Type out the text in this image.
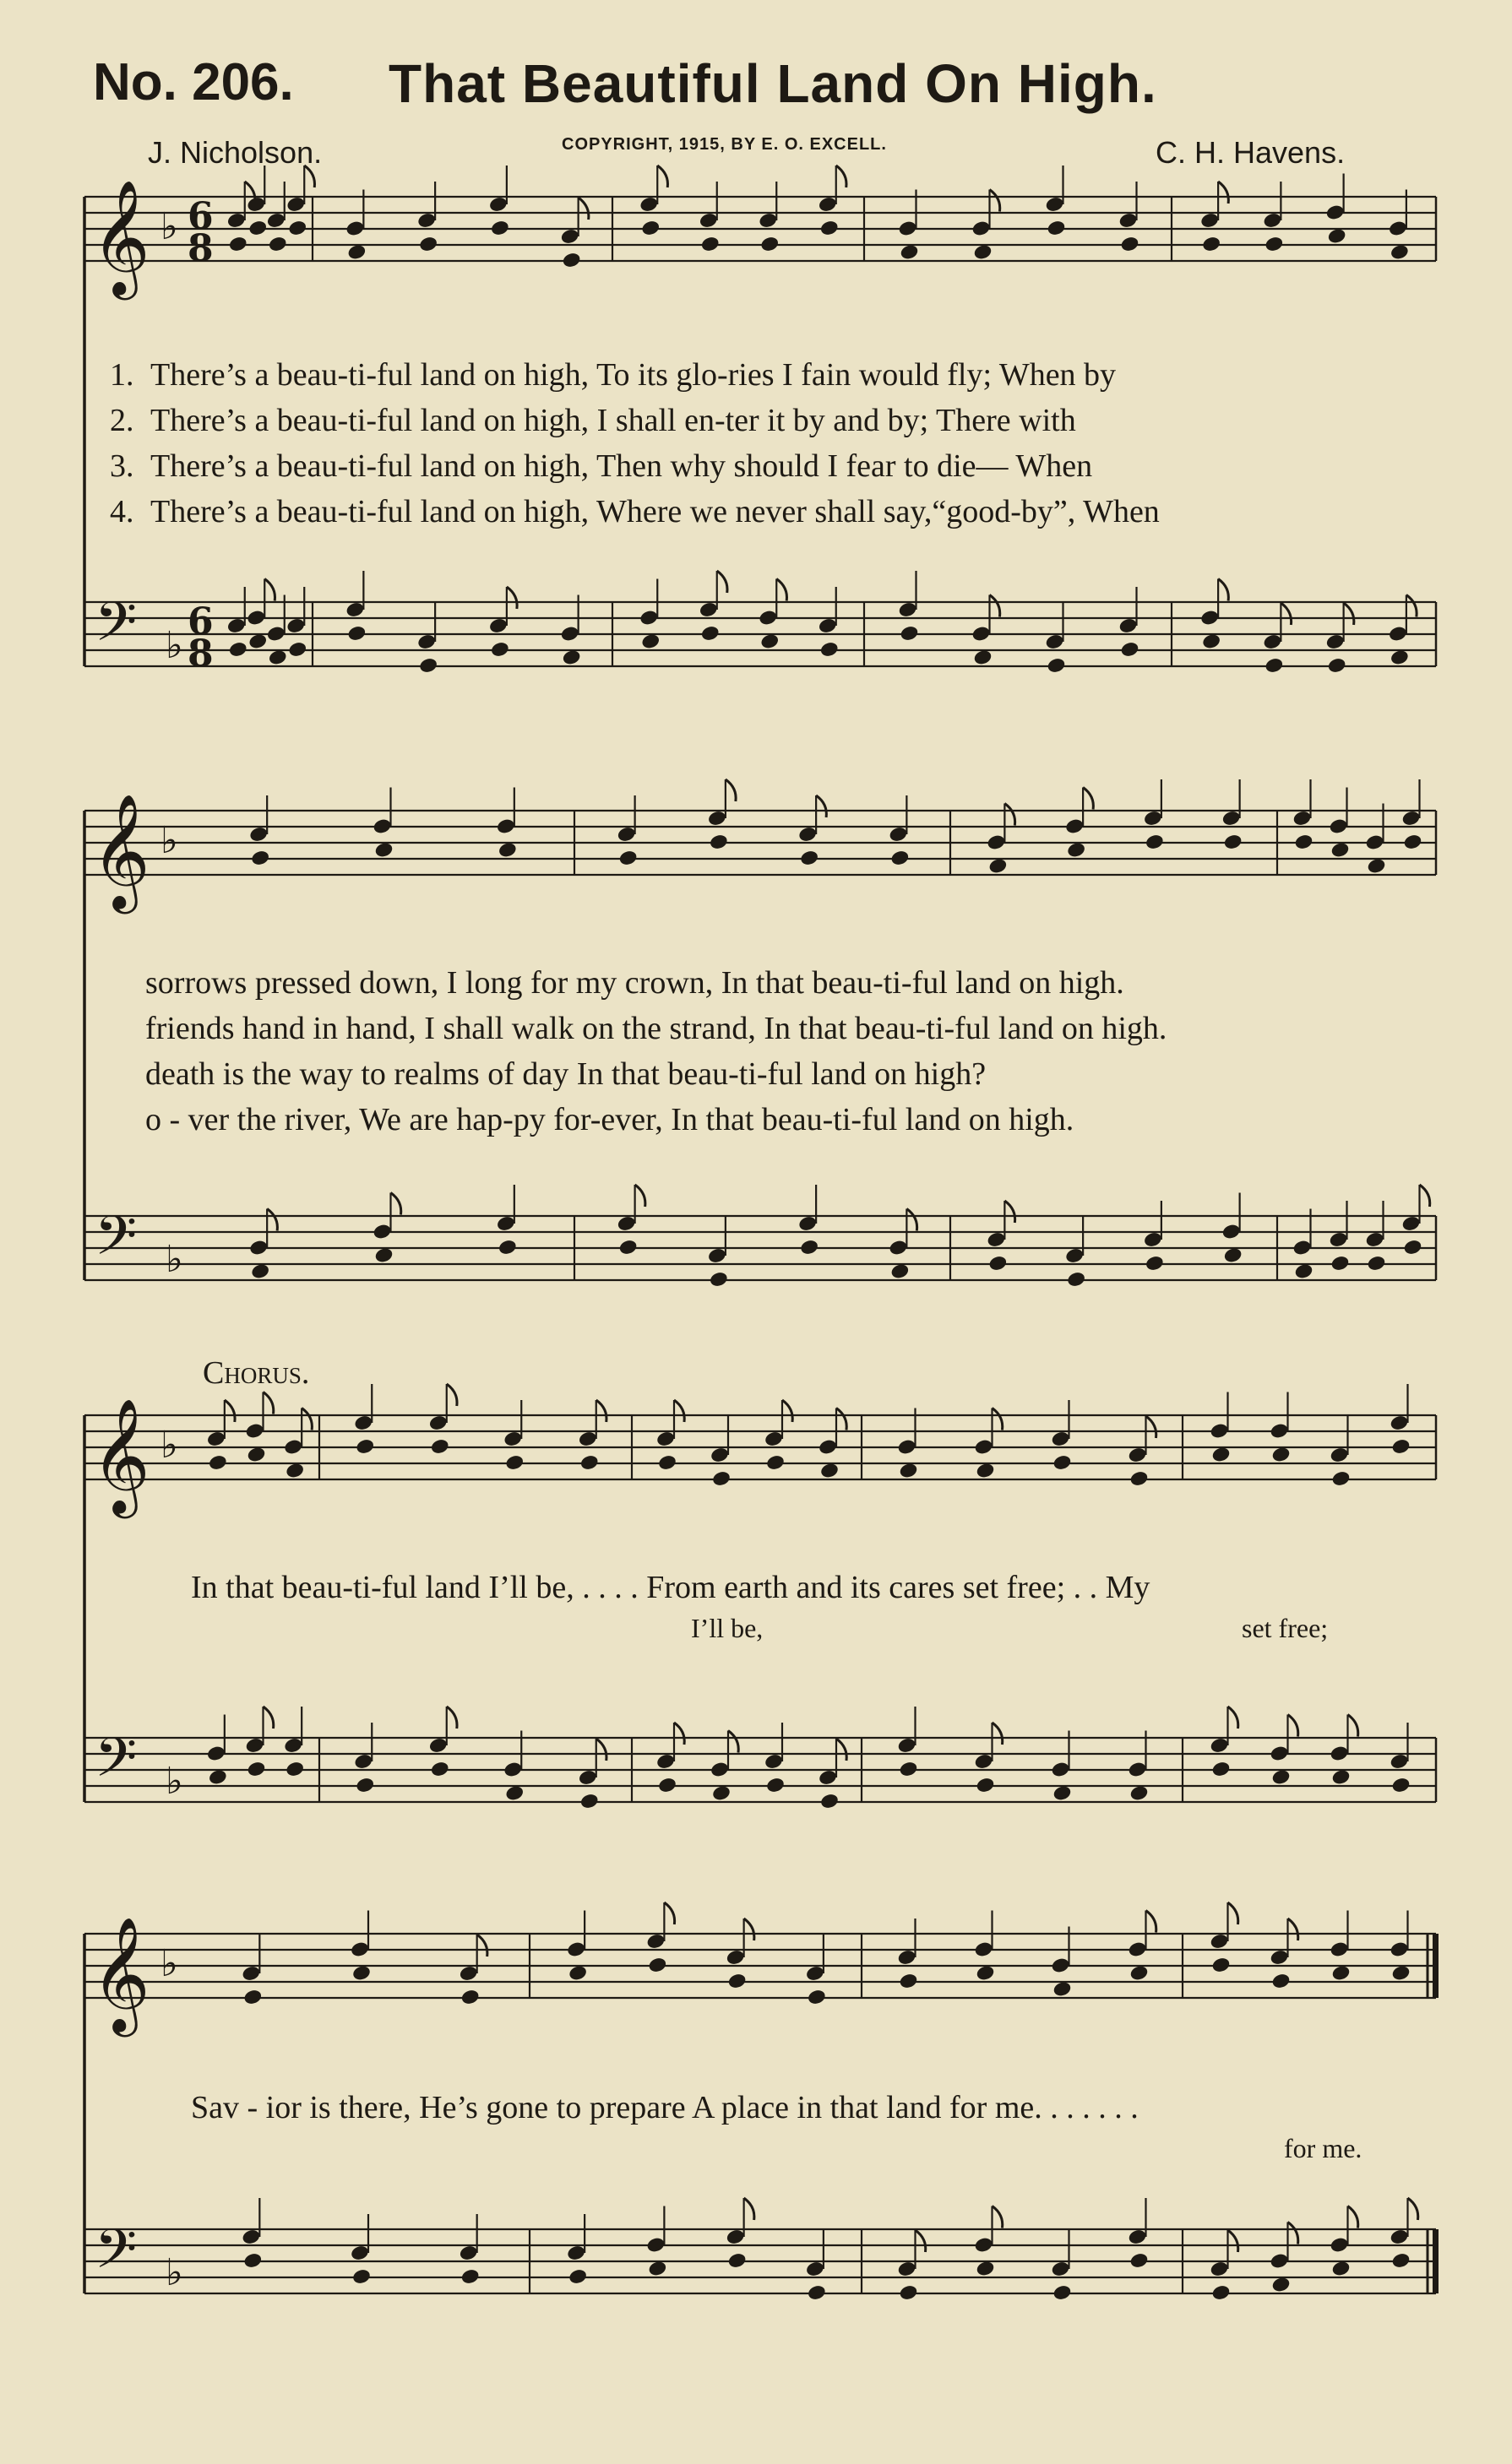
No. 206. That Beautiful Land On High.
J. Nicholson.	COPYRIGHT, 1915, BY E. O. EXCELL.	C. H. Havens.
𝄞
𝄢
♭
♭
6
8
6
8
𝄞
𝄢
♭
♭
𝄞
𝄢
♭
♭
𝄞
𝄢
♭
♭
1. There’s a beau-ti-ful land on high, To its glo-ries I fain would fly; When by
2. There’s a beau-ti-ful land on high, I shall en-ter it by and by; There with
3. There’s a beau-ti-ful land on high, Then why should I fear to die— When
4. There’s a beau-ti-ful land on high, Where we never shall say,“good-by”, When
sorrows pressed down, I long for my crown, In that beau-ti-ful land on high.
friends hand in hand, I shall walk on the strand, In that beau-ti-ful land on high.
death is the way to realms of day In that beau-ti-ful land on high?
o - ver the river, We are hap-py for-ever, In that beau-ti-ful land on high.
Chorus.
In that beau-ti-ful land I’ll be, . . . . From earth and its cares set free; . . My
I’ll be,	set free;
Sav - ior is there, He’s gone to prepare A place in that land for me. . . . . . .
for me.
